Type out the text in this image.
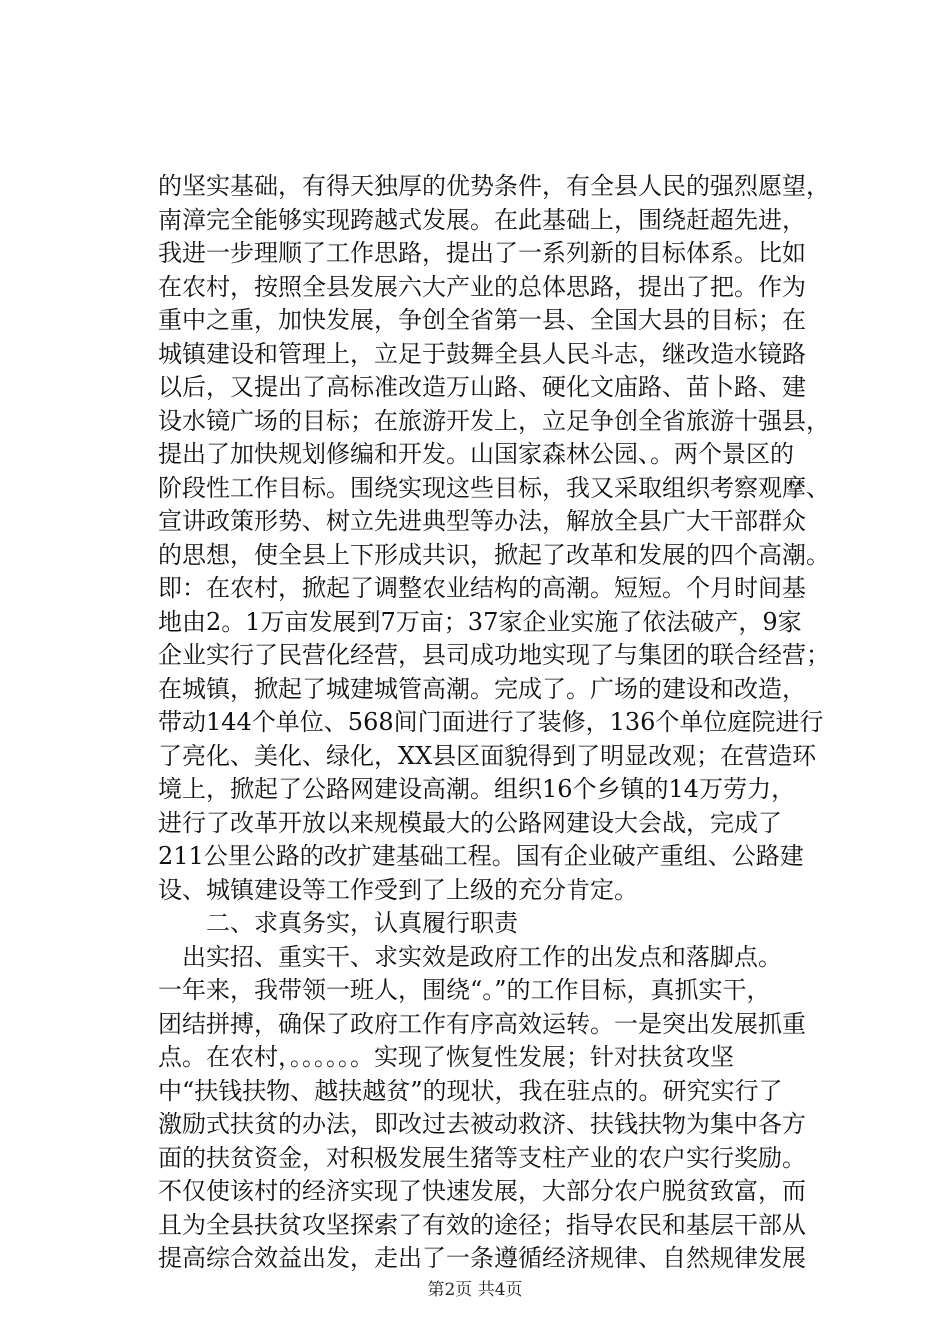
的坚实基础，有得天独厚的优势条件，有全县人民的强烈愿望，
南漳完全能够实现跨越式发展。在此基础上，围绕赶超先进，
我进一步理顺了工作思路，提出了一系列新的目标体系。比如
在农村，按照全县发展六大产业的总体思路，提出了把。作为
重中之重，加快发展，争创全省第一县、全国大县的目标；在
城镇建设和管理上，立足于鼓舞全县人民斗志，继改造水镜路
以后，又提出了高标准改造万山路、硬化文庙路、苗卜路、建
设水镜广场的目标；在旅游开发上，立足争创全省旅游十强县，
提出了加快规划修编和开发。山国家森林公园、。两个景区的
阶段性工作目标。围绕实现这些目标，我又采取组织考察观摩、
宣讲政策形势、树立先进典型等办法，解放全县广大干部群众
的思想，使全县上下形成共识，掀起了改革和发展的四个高潮。
即：在农村，掀起了调整农业结构的高潮。短短。个月时间基
地由2。1万亩发展到7万亩；37家企业实施了依法破产，9家
企业实行了民营化经营，县司成功地实现了与集团的联合经营；
在城镇，掀起了城建城管高潮。完成了。广场的建设和改造，
带动144个单位、568间门面进行了装修，136个单位庭院进行
了亮化、美化、绿化，XX县区面貌得到了明显改观；在营造环
境上，掀起了公路网建设高潮。组织16个乡镇的14万劳力，
进行了改革开放以来规模最大的公路网建设大会战，完成了
211公里公路的改扩建基础工程。国有企业破产重组、公路建
设、城镇建设等工作受到了上级的充分肯定。
二、求真务实，认真履行职责
出实招、重实干、求实效是政府工作的出发点和落脚点。
一年来，我带领一班人，围绕“。”的工作目标，真抓实干，
团结拼搏，确保了政府工作有序高效运转。一是突出发展抓重
点。在农村，。。。。。。实现了恢复性发展；针对扶贫攻坚
中“扶钱扶物、越扶越贫”的现状，我在驻点的。研究实行了
激励式扶贫的办法，即改过去被动救济、扶钱扶物为集中各方
面的扶贫资金，对积极发展生猪等支柱产业的农户实行奖励。
不仅使该村的经济实现了快速发展，大部分农户脱贫致富，而
且为全县扶贫攻坚探索了有效的途径；指导农民和基层干部从
提高综合效益出发，走出了一条遵循经济规律、自然规律发展
第2页 共4页
